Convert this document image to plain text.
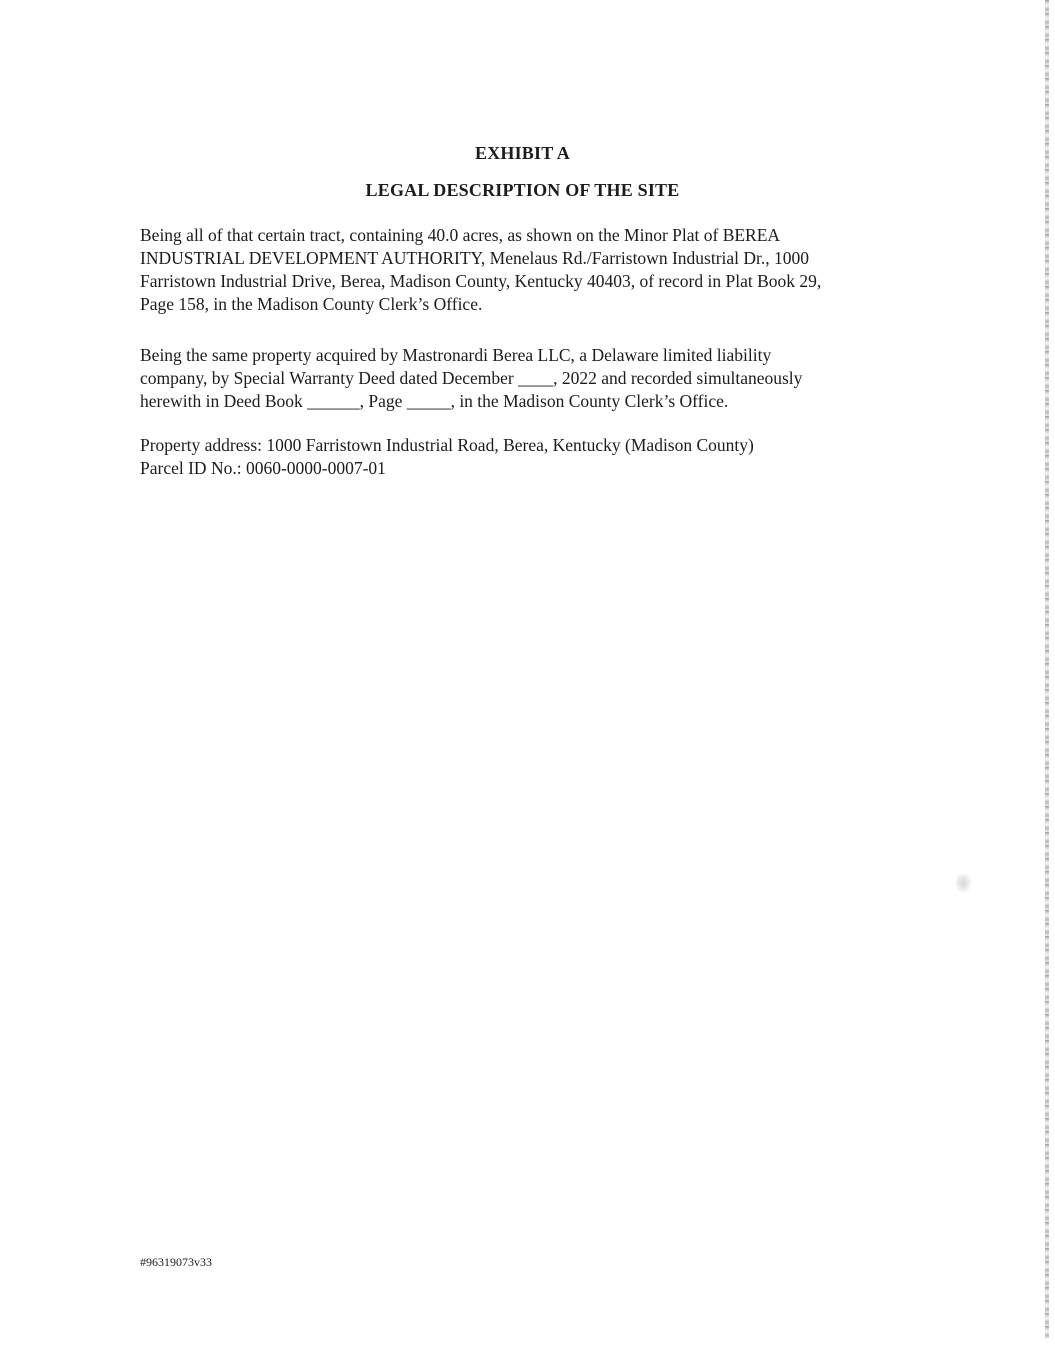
EXHIBIT A
LEGAL DESCRIPTION OF THE SITE
Being all of that certain tract, containing 40.0 acres, as shown on the Minor Plat of BEREA
INDUSTRIAL DEVELOPMENT AUTHORITY, Menelaus Rd./Farristown Industrial Dr., 1000
Farristown Industrial Drive, Berea, Madison County, Kentucky 40403, of record in Plat Book 29,
Page 158, in the Madison County Clerk’s Office.
Being the same property acquired by Mastronardi Berea LLC, a Delaware limited liability
company, by Special Warranty Deed dated December ____, 2022 and recorded simultaneously
herewith in Deed Book ______, Page _____, in the Madison County Clerk’s Office.
Property address: 1000 Farristown Industrial Road, Berea, Kentucky (Madison County)
Parcel ID No.: 0060-0000-0007-01
#96319073v33
